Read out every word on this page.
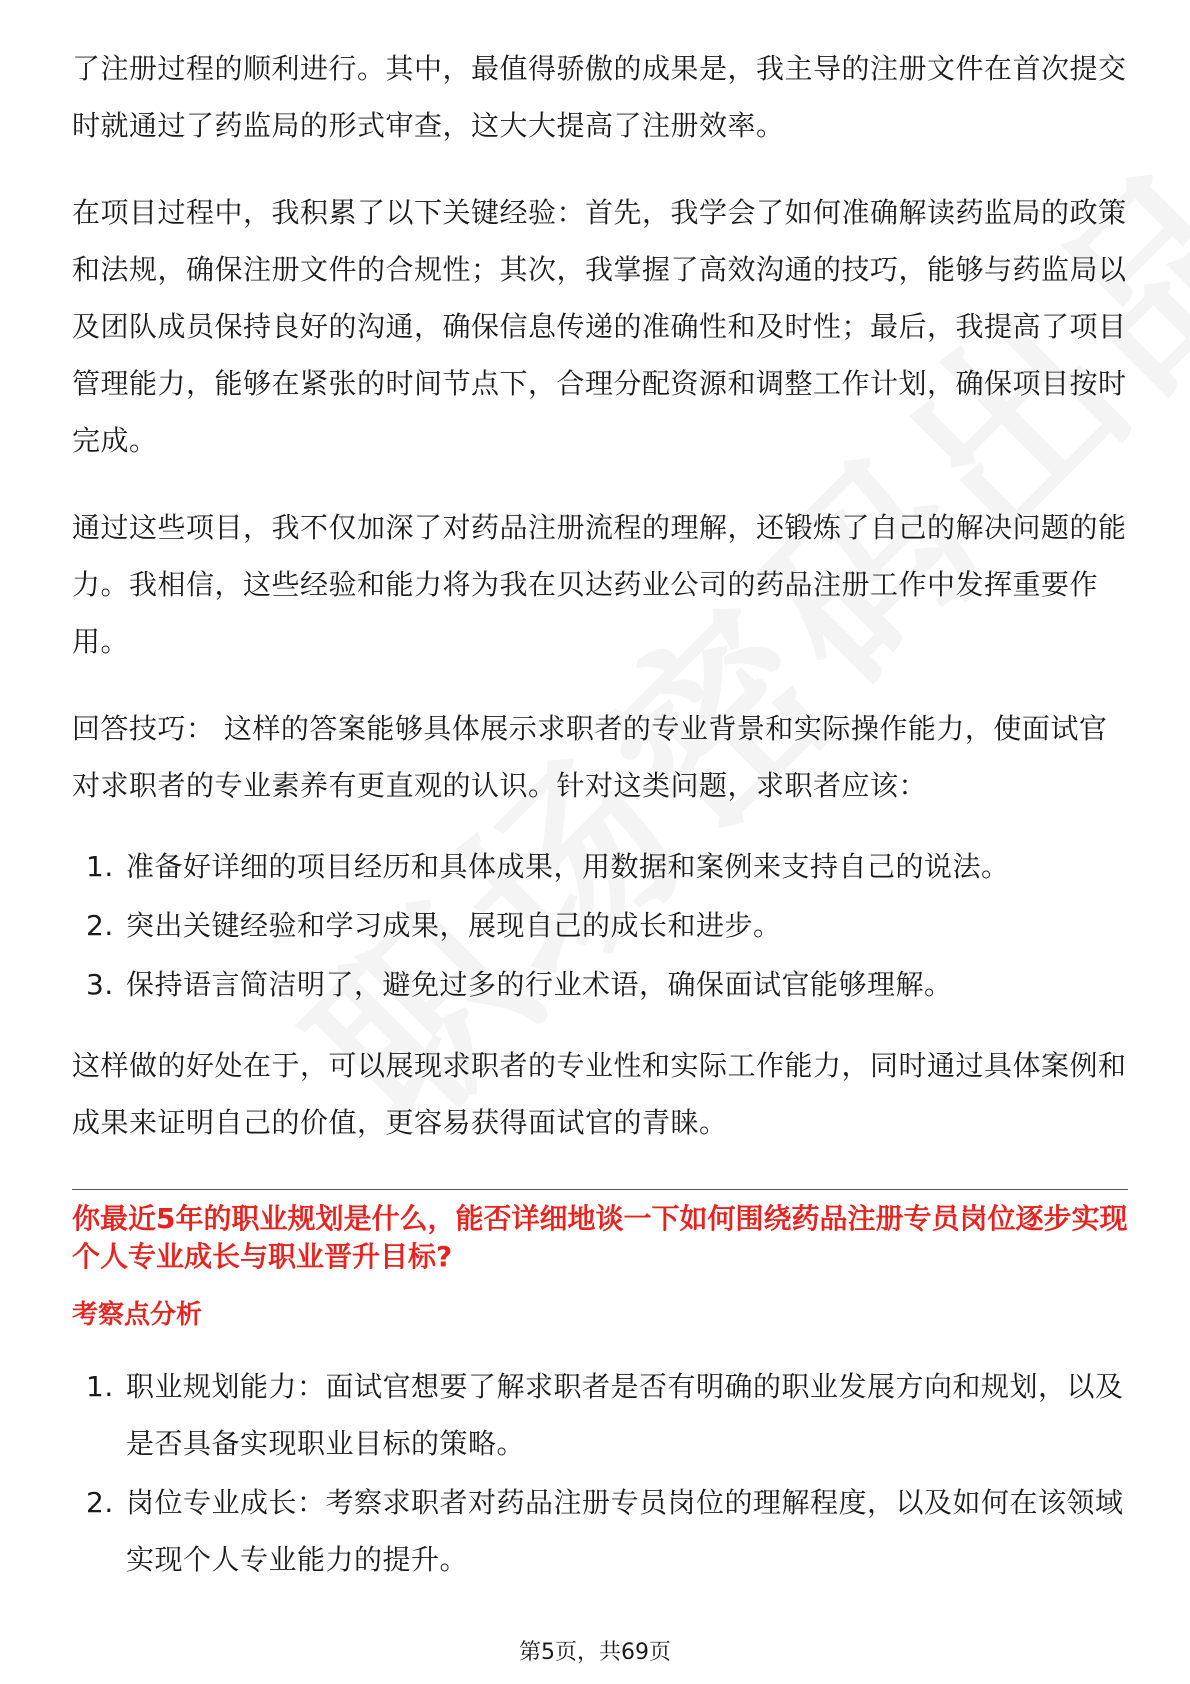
了注册过程的顺利进行。其中，最值得骄傲的成果是，我主导的注册文件在首次提交时就通过了药监局的形式审查，这大大提高了注册效率。

在项目过程中，我积累了以下关键经验：首先，我学会了如何准确解读药监局的政策和法规，确保注册文件的合规性；其次，我掌握了高效沟通的技巧，能够与药监局以及团队成员保持良好的沟通，确保信息传递的准确性和及时性；最后，我提高了项目管理能力，能够在紧张的时间节点下，合理分配资源和调整工作计划，确保项目按时完成。

通过这些项目，我不仅加深了对药品注册流程的理解，还锻炼了自己的解决问题的能力。我相信，这些经验和能力将为我在贝达药业公司的药品注册工作中发挥重要作用。

回答技巧： 这样的答案能够具体展示求职者的专业背景和实际操作能力，使面试官对求职者的专业素养有更直观的认识。针对这类问题，求职者应该：

1. 准备好详细的项目经历和具体成果，用数据和案例来支持自己的说法。
2. 突出关键经验和学习成果，展现自己的成长和进步。
3. 保持语言简洁明了，避免过多的行业术语，确保面试官能够理解。

这样做的好处在于，可以展现求职者的专业性和实际工作能力，同时通过具体案例和成果来证明自己的价值，更容易获得面试官的青睐。

你最近5年的职业规划是什么，能否详细地谈一下如何围绕药品注册专员岗位逐步实现个人专业成长与职业晋升目标?

考察点分析

1. 职业规划能力：面试官想要了解求职者是否有明确的职业发展方向和规划，以及是否具备实现职业目标的策略。
2. 岗位专业成长：考察求职者对药品注册专员岗位的理解程度，以及如何在该领域实现个人专业能力的提升。
第5页，共69页
